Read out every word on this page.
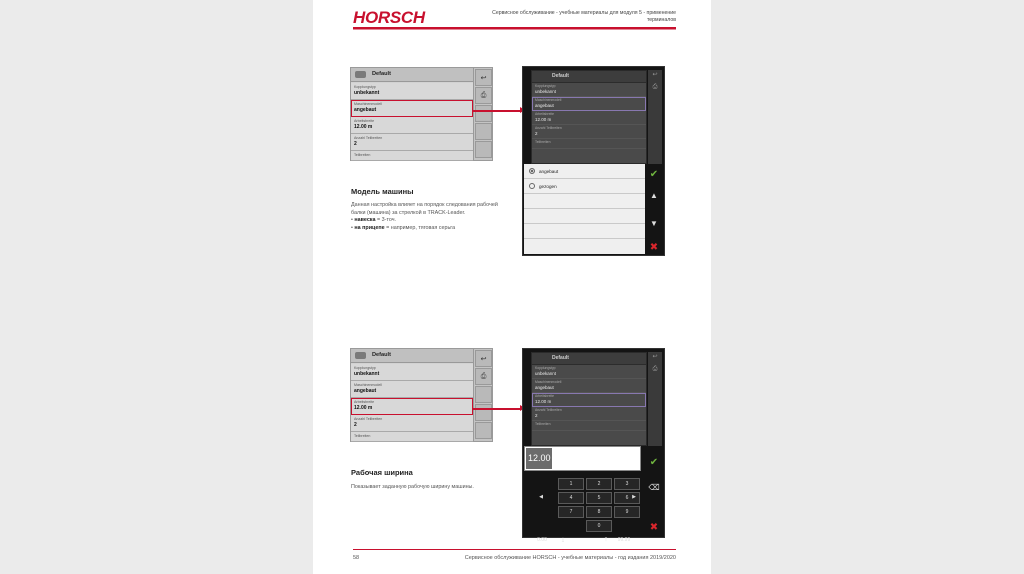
HORSCH	Сервисное обслуживание - учебные материалы для модуля 5 - применение терминалов
Default
Kopplungstyp
unbekannt
Maschinenmodell
angebaut
Arbeitsbreite
12.00 m
Anzahl Teilbreiten
2
Teilbreiten
↩
⎙
Default
Kopplungstyp
unbekannt
Maschinenmodell
angebaut
Arbeitsbreite
12.00 m
Anzahl Teilbreiten
2
Teilbreiten
↩
⎙
angebaut
gezogen
✔
▲
▼
✖
Модель машины
Данная настройка влияет на порядок следования рабочей балки (машина) за стрелкой в TRACK-Leader.
• навеска = 3-точ.
• на прицепе = например, тяговая серьга
Default
Kopplungstyp
unbekannt
Maschinenmodell
angebaut
Arbeitsbreite
12.00 m
Anzahl Teilbreiten
2
Teilbreiten
↩
⎙
Default
Kopplungstyp
unbekannt
Maschinenmodell
angebaut
Arbeitsbreite
12.00 m
Anzahl Teilbreiten
2
Teilbreiten
↩
⎙
12.00
1	2	3
◀	4	5	6 ▶
7	8	9
0
0.00	⤓	⤒	99.99
✔
⌫
✖
Рабочая ширина
Показывает заданную рабочую ширину машины.
58	Сервисное обслуживание HORSCH - учебные материалы - год издания 2019/2020
